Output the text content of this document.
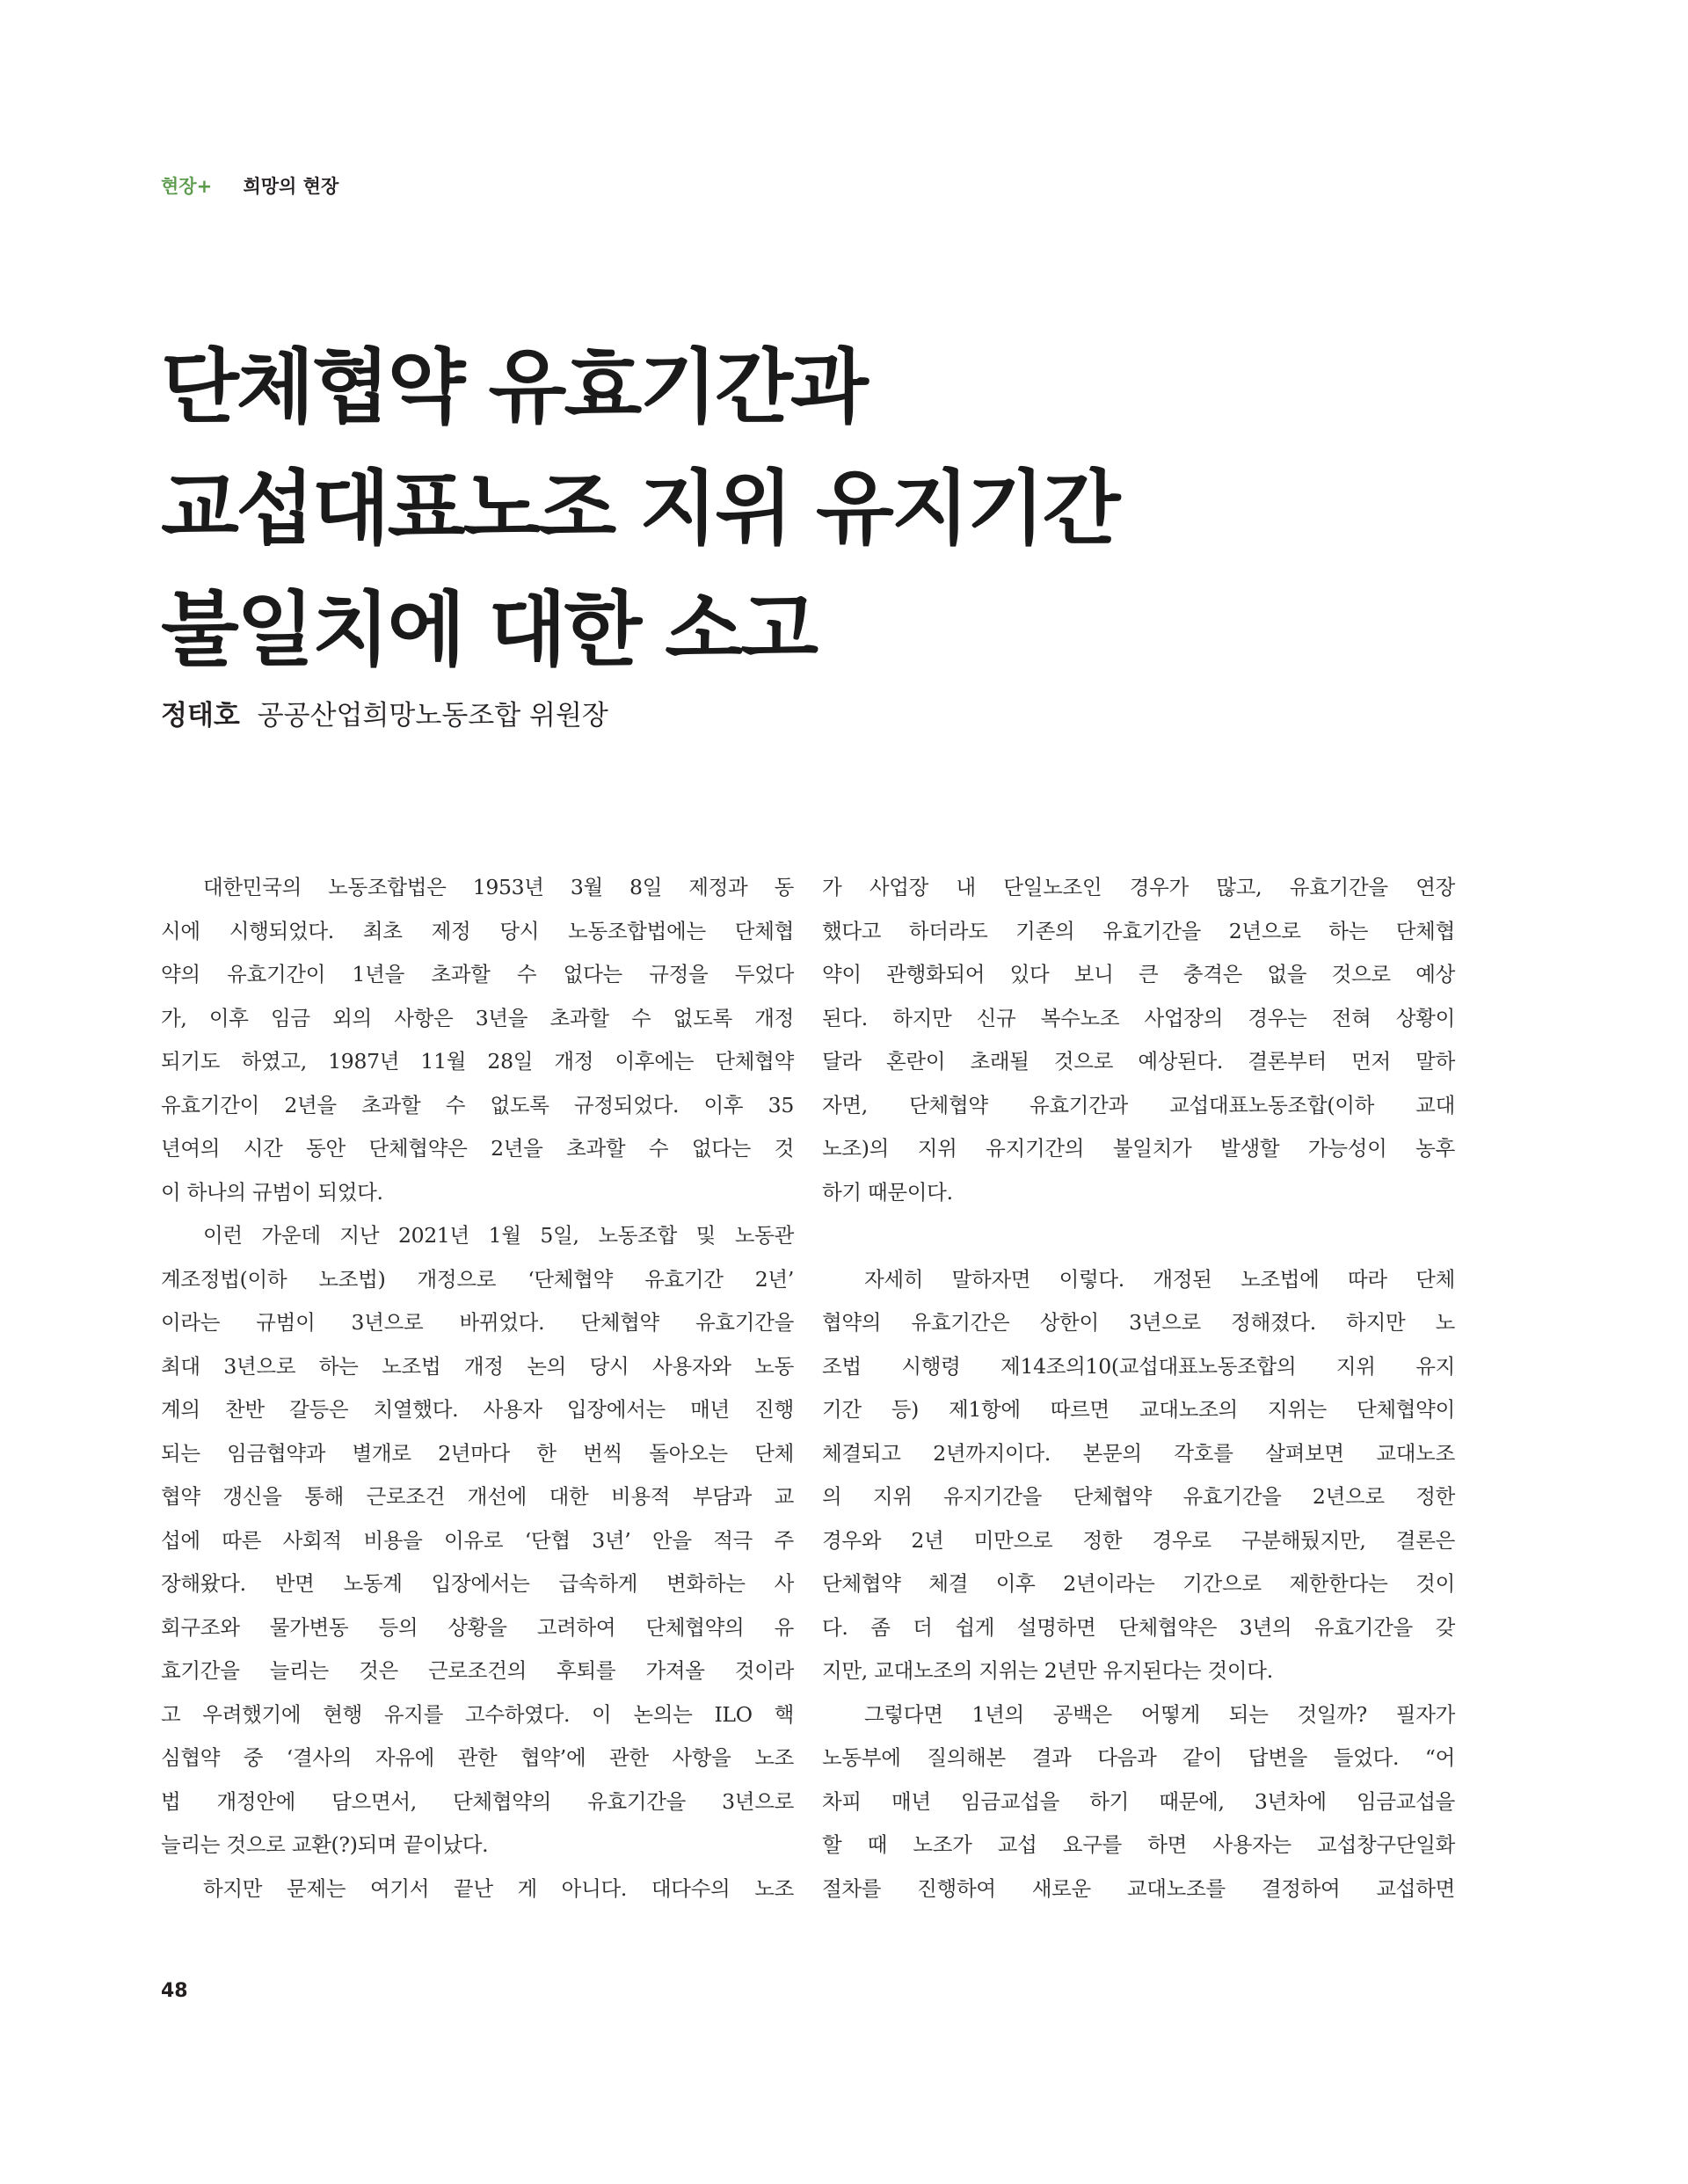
현장+ 희망의 현장
단체협약 유효기간과
교섭대표노조 지위 유지기간
불일치에 대한 소고
정태호 공공산업희망노동조합 위원장
대한민국의 노동조합법은 1953년 3월 8일 제정과 동
시에 시행되었다. 최초 제정 당시 노동조합법에는 단체협
약의 유효기간이 1년을 초과할 수 없다는 규정을 두었다
가, 이후 임금 외의 사항은 3년을 초과할 수 없도록 개정
되기도 하였고, 1987년 11월 28일 개정 이후에는 단체협약
유효기간이 2년을 초과할 수 없도록 규정되었다. 이후 35
년여의 시간 동안 단체협약은 2년을 초과할 수 없다는 것
이 하나의 규범이 되었다.
이런 가운데 지난 2021년 1월 5일, 노동조합 및 노동관
계조정법(이하 노조법) 개정으로 ‘단체협약 유효기간 2년’
이라는 규범이 3년으로 바뀌었다. 단체협약 유효기간을
최대 3년으로 하는 노조법 개정 논의 당시 사용자와 노동
계의 찬반 갈등은 치열했다. 사용자 입장에서는 매년 진행
되는 임금협약과 별개로 2년마다 한 번씩 돌아오는 단체
협약 갱신을 통해 근로조건 개선에 대한 비용적 부담과 교
섭에 따른 사회적 비용을 이유로 ‘단협 3년’ 안을 적극 주
장해왔다. 반면 노동계 입장에서는 급속하게 변화하는 사
회구조와 물가변동 등의 상황을 고려하여 단체협약의 유
효기간을 늘리는 것은 근로조건의 후퇴를 가져올 것이라
고 우려했기에 현행 유지를 고수하였다. 이 논의는 ILO 핵
심협약 중 ‘결사의 자유에 관한 협약’에 관한 사항을 노조
법 개정안에 담으면서, 단체협약의 유효기간을 3년으로
늘리는 것으로 교환(?)되며 끝이났다.
하지만 문제는 여기서 끝난 게 아니다. 대다수의 노조
가 사업장 내 단일노조인 경우가 많고, 유효기간을 연장
했다고 하더라도 기존의 유효기간을 2년으로 하는 단체협
약이 관행화되어 있다 보니 큰 충격은 없을 것으로 예상
된다. 하지만 신규 복수노조 사업장의 경우는 전혀 상황이
달라 혼란이 초래될 것으로 예상된다. 결론부터 먼저 말하
자면, 단체협약 유효기간과 교섭대표노동조합(이하 교대
노조)의 지위 유지기간의 불일치가 발생할 가능성이 농후
하기 때문이다.
자세히 말하자면 이렇다. 개정된 노조법에 따라 단체
협약의 유효기간은 상한이 3년으로 정해졌다. 하지만 노
조법 시행령 제14조의10(교섭대표노동조합의 지위 유지
기간 등) 제1항에 따르면 교대노조의 지위는 단체협약이
체결되고 2년까지이다. 본문의 각호를 살펴보면 교대노조
의 지위 유지기간을 단체협약 유효기간을 2년으로 정한
경우와 2년 미만으로 정한 경우로 구분해뒀지만, 결론은
단체협약 체결 이후 2년이라는 기간으로 제한한다는 것이
다. 좀 더 쉽게 설명하면 단체협약은 3년의 유효기간을 갖
지만, 교대노조의 지위는 2년만 유지된다는 것이다.
그렇다면 1년의 공백은 어떻게 되는 것일까? 필자가
노동부에 질의해본 결과 다음과 같이 답변을 들었다. “어
차피 매년 임금교섭을 하기 때문에, 3년차에 임금교섭을
할 때 노조가 교섭 요구를 하면 사용자는 교섭창구단일화
절차를 진행하여 새로운 교대노조를 결정하여 교섭하면
48
